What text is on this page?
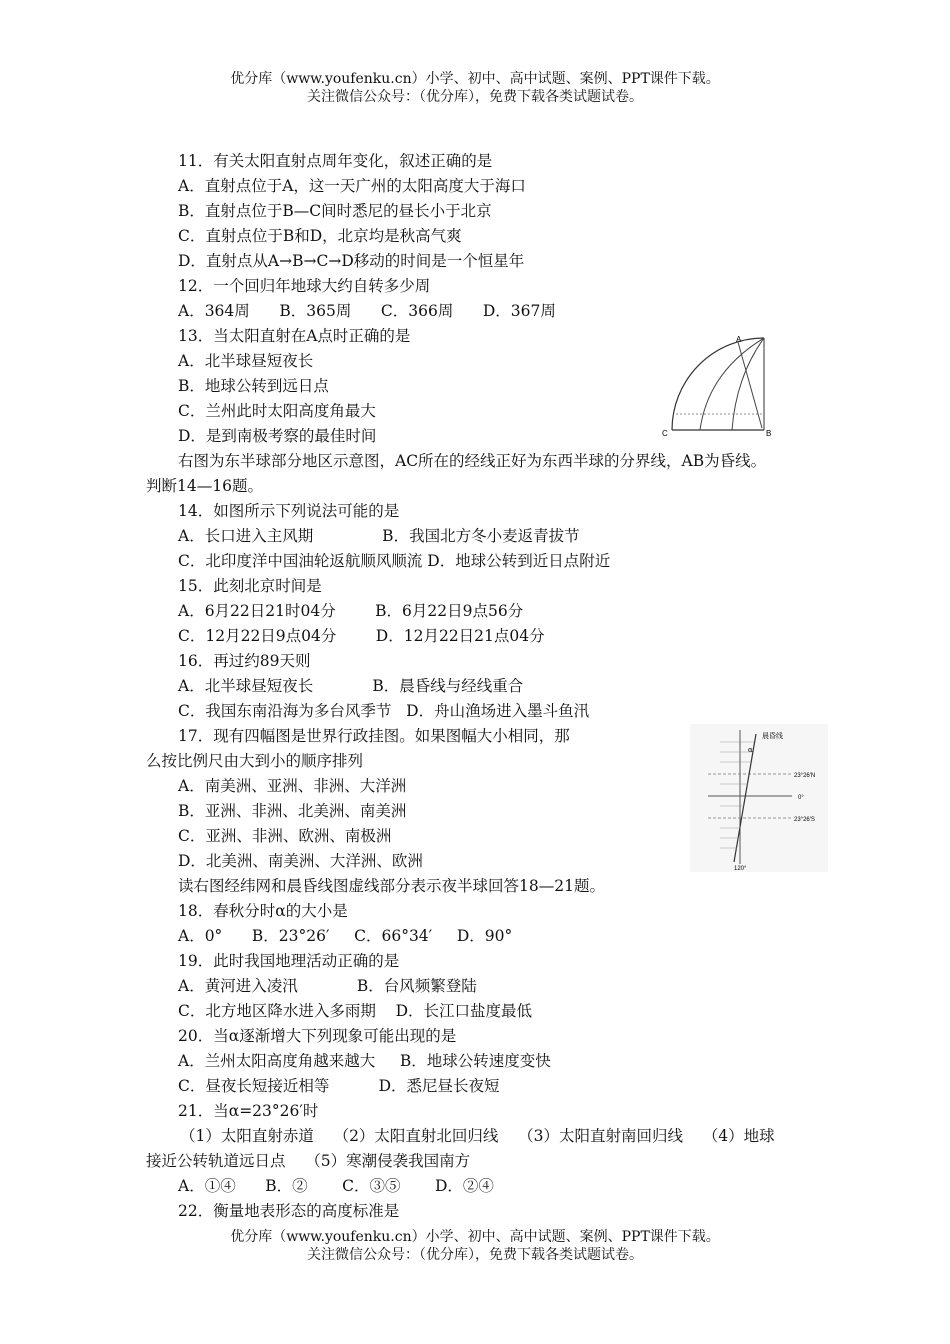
优分库（www.youfenku.cn）小学、初中、高中试题、案例、PPT课件下载。
关注微信公众号：（优分库），免费下载各类试题试卷。
11．有关太阳直射点周年变化，叙述正确的是
A．直射点位于A，这一天广州的太阳高度大于海口
B．直射点位于B—C间时悉尼的昼长小于北京
C．直射点位于B和D，北京均是秋高气爽
D．直射点从A→B→C→D移动的时间是一个恒星年
12．一个回归年地球大约自转多少周
A．364周      B．365周      C．366周      D．367周
13．当太阳直射在A点时正确的是
A．北半球昼短夜长
B．地球公转到远日点
C．兰州此时太阳高度角最大
D．是到南极考察的最佳时间
右图为东半球部分地区示意图，AC所在的经线正好为东西半球的分界线，AB为昏线。
判断14—16题。
14．如图所示下列说法可能的是
A．长口进入主风期              B．我国北方冬小麦返青拔节
C．北印度洋中国油轮返航顺风顺流 D．地球公转到近日点附近
15．此刻北京时间是
A．6月22日21时04分        B．6月22日9点56分
C．12月22日9点04分        D．12月22日21点04分
16．再过约89天则
A．北半球昼短夜长            B．晨昏线与经线重合
C．我国东南沿海为多台风季节   D．舟山渔场进入墨斗鱼汛
17．现有四幅图是世界行政挂图。如果图幅大小相同，那
么按比例尺由大到小的顺序排列
A．南美洲、亚洲、非洲、大洋洲
B．亚洲、非洲、北美洲、南美洲
C．亚洲、非洲、欧洲、南极洲
D．北美洲、南美洲、大洋洲、欧洲
读右图经纬网和晨昏线图虚线部分表示夜半球回答18—21题。
18．春秋分时α的大小是
A．0°      B．23°26′     C．66°34′     D．90°
19．此时我国地理活动正确的是
A．黄河进入凌汛            B．台风频繁登陆
C．北方地区降水进入多雨期    D．长江口盐度最低
20．当α逐渐增大下列现象可能出现的是
A．兰州太阳高度角越来越大     B．地球公转速度变快
C．昼夜长短接近相等          D．悉尼昼长夜短
21．当α=23°26′时
（1）太阳直射赤道    （2）太阳直射北回归线    （3）太阳直射南回归线    （4）地球
接近公转轨道远日点    （5）寒潮侵袭我国南方
A．①④      B．②       C．③⑤       D．②④
22．衡量地表形态的高度标准是
A
C	B
晨昏线
23°26′N
0°
23°26′S
120°
α
优分库（www.youfenku.cn）小学、初中、高中试题、案例、PPT课件下载。
关注微信公众号：（优分库），免费下载各类试题试卷。
